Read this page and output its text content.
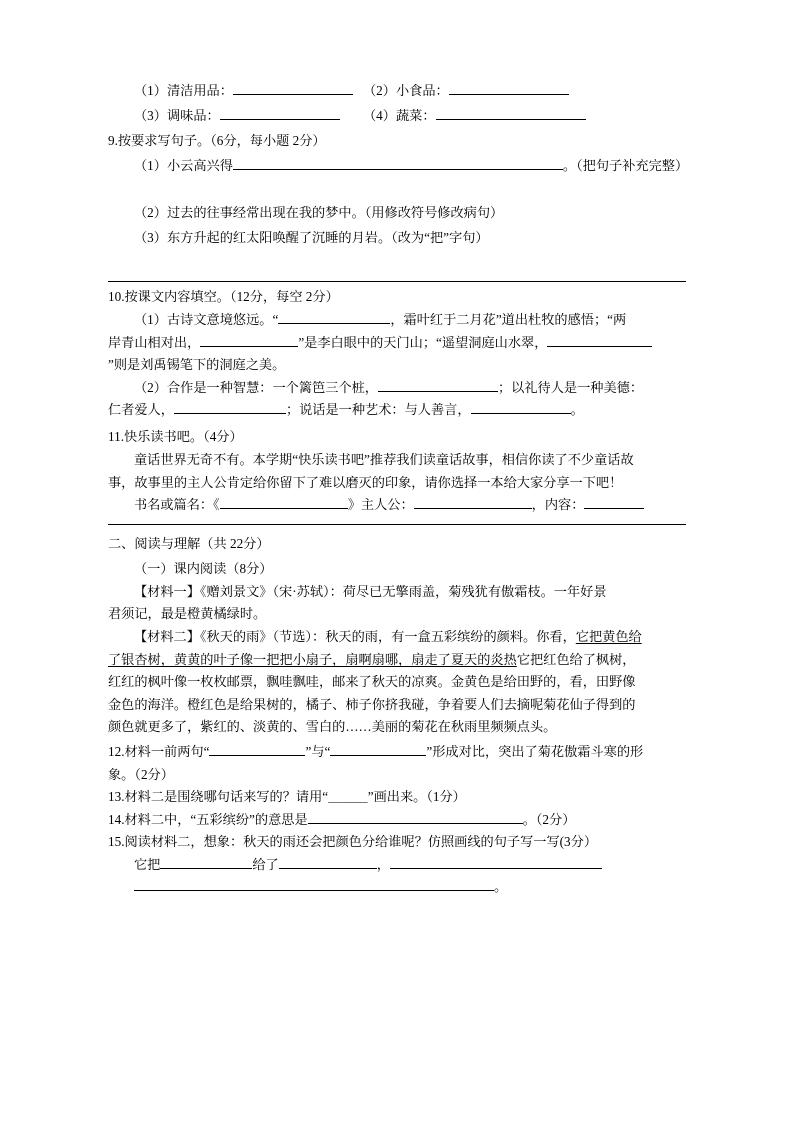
（1）清洁用品：	（2）小食品：
（3）调味品：	（4）蔬菜：
9.按要求写句子。（6分，每小题 2分）
（1）小云高兴得	。（把句子补充完整）
（2）过去的往事经常出现在我的梦中。（用修改符号修改病句）
（3）东方升起的红太阳唤醒了沉睡的月岩。（改为“把”字句）
10.按课文内容填空。（12分，每空 2分）
（1）古诗文意境悠远。“	，霜叶红于二月花”道出杜牧的感悟；“两
岸青山相对出，	”是李白眼中的天门山；“遥望洞庭山水翠，
”则是刘禹锡笔下的洞庭之美。
（2）合作是一种智慧：一个篱笆三个桩，	；以礼待人是一种美德：
仁者爱人，	；说话是一种艺术：与人善言，	。
11.快乐读书吧。（4分）
童话世界无奇不有。本学期“快乐读书吧”推荐我们读童话故事，相信你读了不少童话故
事，故事里的主人公肯定给你留下了难以磨灭的印象，请你选择一本给大家分享一下吧！
书名或篇名：《	》主人公：	，内容：
二、阅读与理解（共 22分）
（一）课内阅读（8分）
【材料一】《赠刘景文》（宋·苏轼）：荷尽已无擎雨盖，菊残犹有傲霜枝。一年好景
君须记，最是橙黄橘绿时。
【材料二】《秋天的雨》（节选）：秋天的雨，有一盒五彩缤纷的颜料。你看，它把黄色给
了银杏树，黄黄的叶子像一把把小扇子，扇啊扇哪，扇走了夏天的炎热它把红色给了枫树，
红红的枫叶像一枚枚邮票，飘哇飘哇，邮来了秋天的凉爽。金黄色是给田野的，看，田野像
金色的海洋。橙红色是给果树的，橘子、柿子你挤我碰，争着要人们去摘呢菊花仙子得到的
颜色就更多了，紫红的、淡黄的、雪白的……美丽的菊花在秋雨里频频点头。
12.材料一前两句“	”与“	”形成对比，突出了菊花傲霜斗寒的形
象。（2分）
13.材料二是围绕哪句话来写的？请用“＿＿＿”画出来。（1分）
14.材料二中，“五彩缤纷”的意思是	。（2分）
15.阅读材料二，想象：秋天的雨还会把颜色分给谁呢？仿照画线的句子写一写(3分）
它把	给了	，
。
